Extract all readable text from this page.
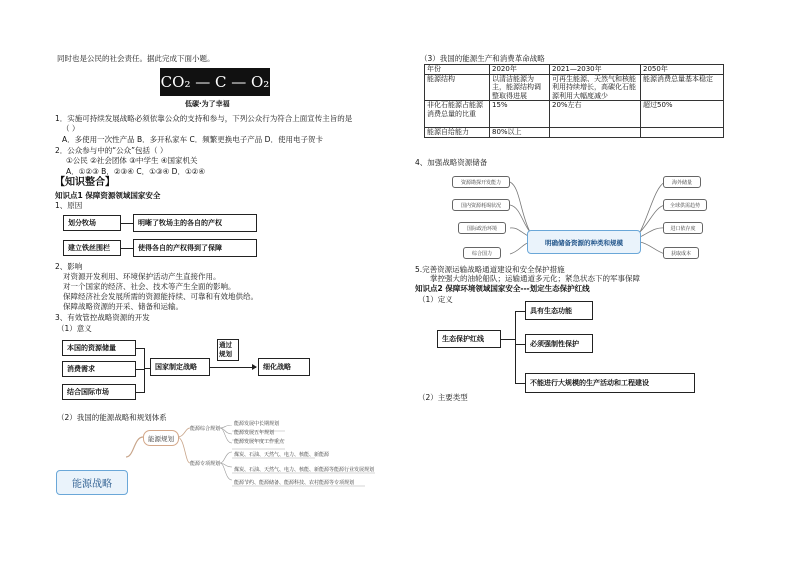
同时也是公民的社会责任。据此完成下面小题。
CO₂ — C — O₂
低碳·为了幸福
1．实施可持续发展战略必须依靠公众的支持和参与，下列公众行为符合上面宣传主旨的是
（ ）
A．多使用一次性产品 B．多开私家车 C．频繁更换电子产品 D．使用电子贺卡
2．公众参与中的“公众”包括（ ）
①公民 ②社会团体 ③中学生 ④国家机关
A．①②③ B．②③④ C．①③④ D．①②④
【知识整合】
知识点1 保障资源领域国家安全
1、原因
划分牧场
建立铁丝围栏
明晰了牧场主的各自的产权
使得各自的产权得到了保障
2、影响
对资源开发利用、环境保护活动产生直接作用。
对一个国家的经济、社会、技术等产生全面的影响。
保障经济社会发展所需的资源能持续、可靠和有效地供给。
保障战略资源的开采、储备和运输。
3、有效管控战略资源的开发
（1）意义
本国的资源储量
消费需求
结合国际市场
国家制定战略
通过规划
细化战略
（2）我国的能源战略和规划体系
能源战略
能源规划
能源综合规划
能源专项规划
能源发展中长期规划
能源发展五年规划
能源发展年度工作重点
煤炭、石油、天然气、电力、核能、新能源
煤炭、石油、天然气、电力、核能、新能源等能源行业发展规划
能源节约、能源储备、能源科技、农村能源等专项规划
（3）我国的能源生产和消费革命战略
年份	2020年	2021—2030年	2050年
能源结构	以清洁能源为主，能源结构调整取得进展	可再生能源、天然气和核能利用持续增长，高碳化石能源利用大幅度减少	能源消费总量基本稳定
非化石能源占能源消费总量的比重	15%	20%左右	超过50%
能源自给能力	80%以上		
4、加强战略资源储备
资源勘探开发能力
国内资源耗竭状况
国际政治环境
综合国力
明确储备资源的种类和规模
海外储量
全球供需趋势
进口依存度
获取成本
5.完善资源运输战略通道建设和安全保护措施
掌控强大的油轮船队；运输通道多元化；紧急状态下的军事保障
知识点2 保障环境领域国家安全---划定生态保护红线
（1）定义
生态保护红线
具有生态功能
必须强制性保护
不能进行大规模的生产活动和工程建设
（2）主要类型
